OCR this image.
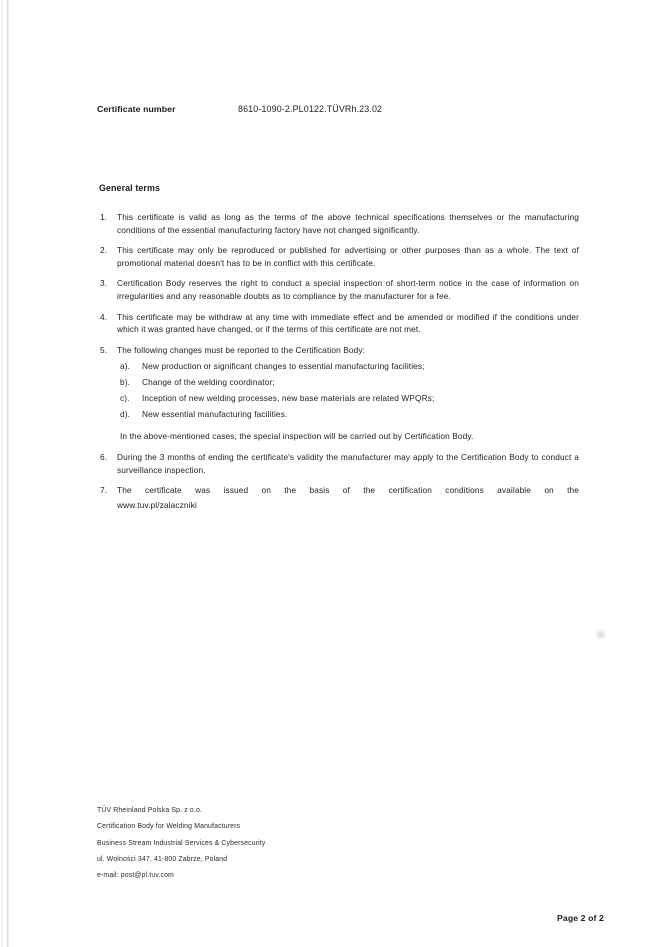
Certificate number	8610-1090-2.PL0122.TÜVRh.23.02
General terms
1.	This certificate is valid as long as the terms of the above technical specifications themselves or the manufacturing conditions of the essential manufacturing factory have not changed significantly.
2.	This certificate may only be reproduced or published for advertising or other purposes than as a whole. The text of promotional material doesn't has to be in conflict with this certificate.
3.	Certification Body reserves the right to conduct a special inspection of short-term notice in the case of information on irregularities and any reasonable doubts as to compliance by the manufacturer for a fee.
4.	This certificate may be withdraw at any time with immediate effect and be amended or modified if the conditions under which it was granted have changed, or if the terms of this certificate are not met.
5.	The following changes must be reported to the Certification Body:
a).	New production or significant changes to essential manufacturing facilities;
b).	Change of the welding coordinator;
c).	Inception of new welding processes, new base materials are related WPQRs;
d).	New essential manufacturing facilities.
In the above-mentioned cases, the special inspection will be carried out by Certification Body.
6.	During the 3 months of ending the certificate's validity the manufacturer may apply to the Certification Body to conduct a surveillance inspection.
7.	The certificate was issued on the basis of the certification conditions available on the
www.tuv.pl/zalaczniki
TÜV Rheinland Polska Sp. z o.o.
Certification Body for Welding Manufacturers
Business Stream Industrial Services & Cybersecurity
ul. Wolności 347, 41-800 Zabrze, Poland
e-mail: post@pl.tuv.com
Page 2 of 2
